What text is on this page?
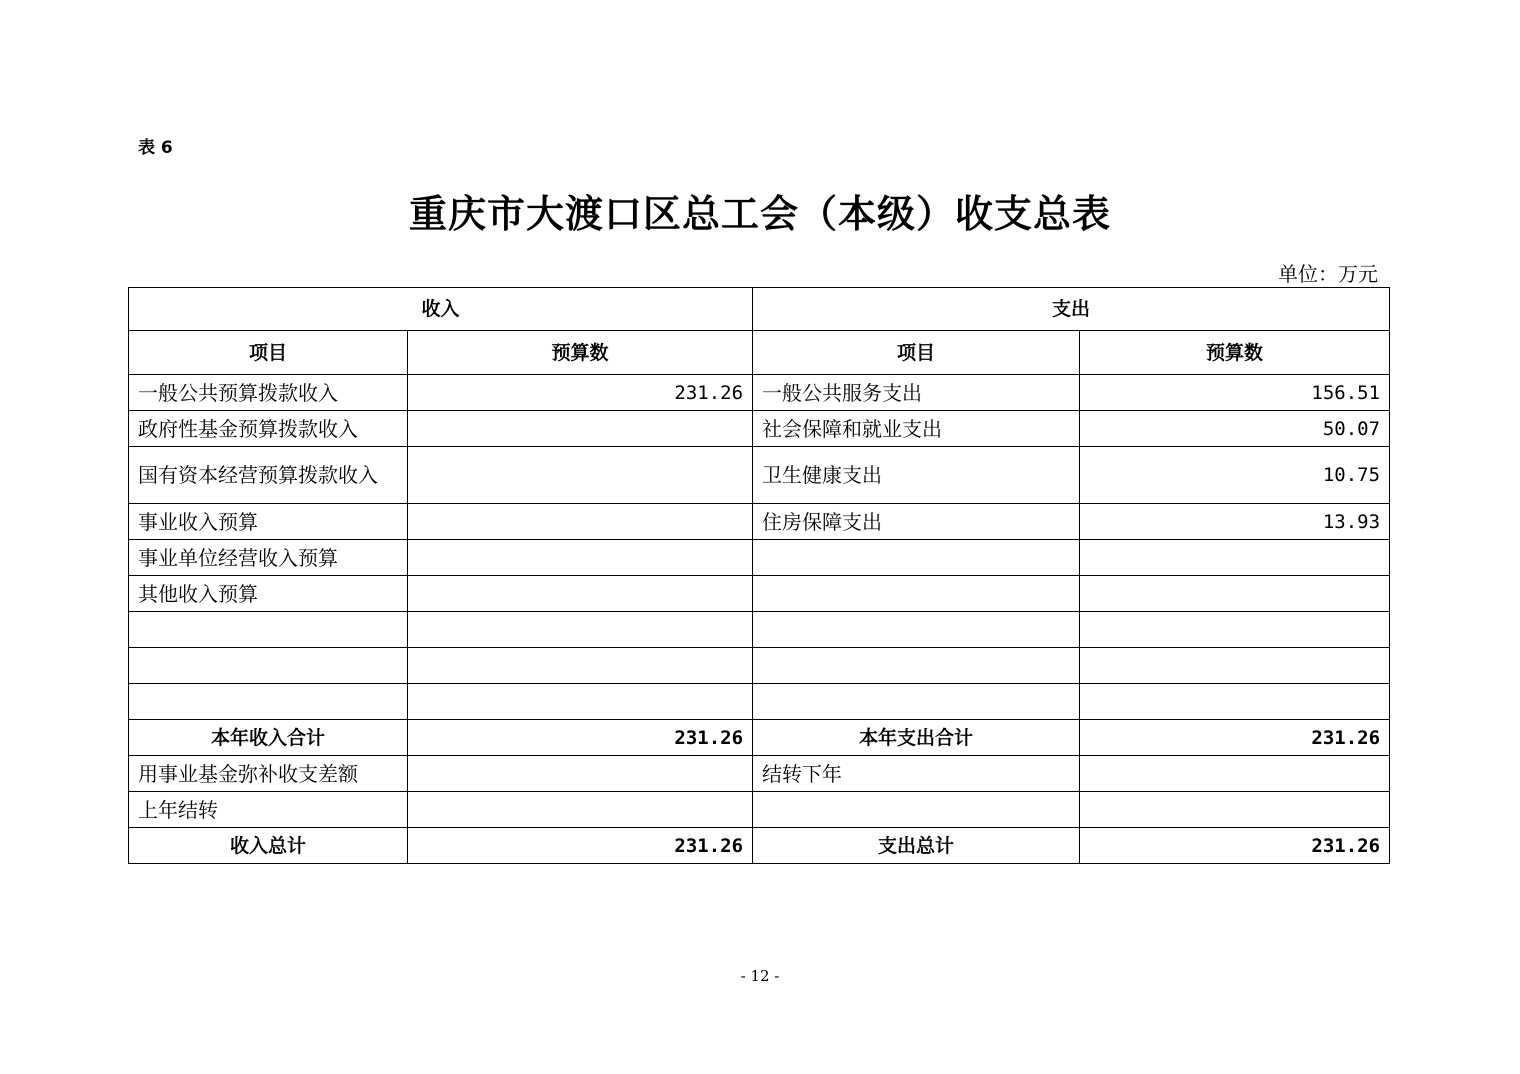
表 6
重庆市大渡口区总工会（本级）收支总表
单位：万元
收入		支出	
项目	预算数	项目	预算数
一般公共预算拨款收入	231.26	一般公共服务支出	156.51
政府性基金预算拨款收入		社会保障和就业支出	50.07
国有资本经营预算拨款收入		卫生健康支出	10.75
事业收入预算		住房保障支出	13.93
事业单位经营收入预算			
其他收入预算			

本年收入合计	231.26	本年支出合计	231.26
用事业基金弥补收支差额		结转下年	
上年结转			
收入总计	231.26	支出总计	231.26
- 12 -
